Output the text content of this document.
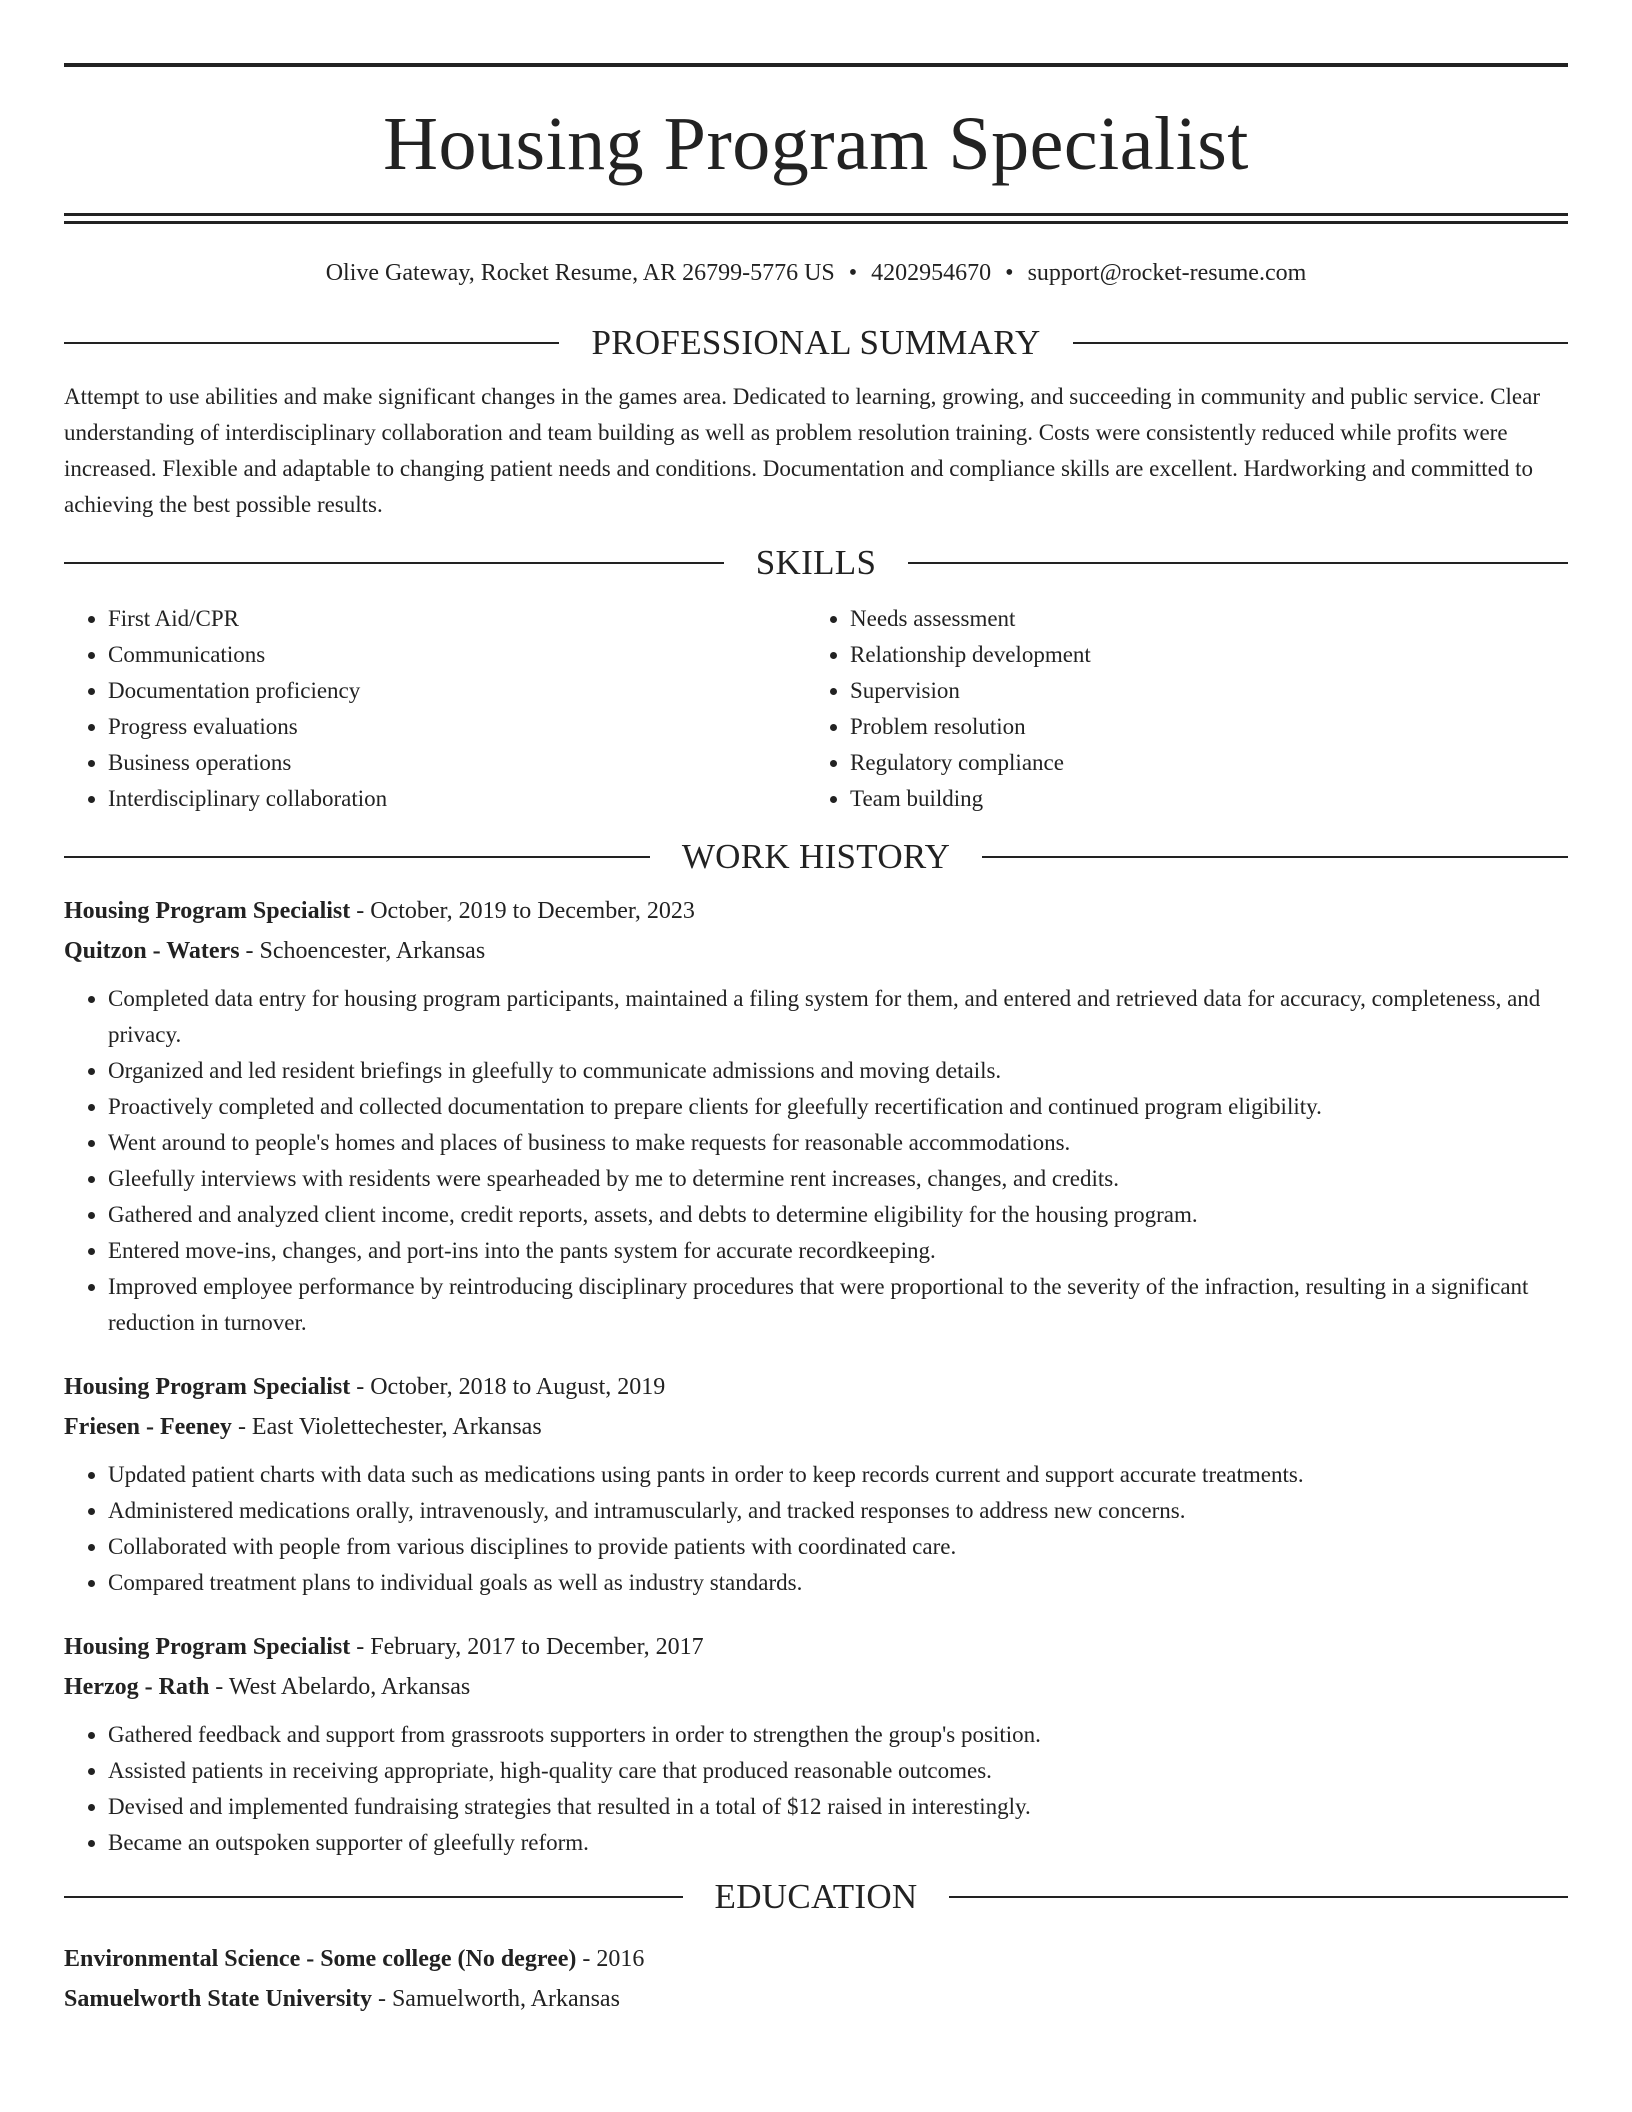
Housing Program Specialist
Olive Gateway, Rocket Resume, AR 26799-5776 US • 4202954670 • support@rocket-resume.com
PROFESSIONAL SUMMARY

Attempt to use abilities and make significant changes in the games area. Dedicated to learning, growing, and succeeding in community and public service. Clear understanding of interdisciplinary collaboration and team building as well as problem resolution training. Costs were consistently reduced while profits were increased. Flexible and adaptable to changing patient needs and conditions. Documentation and compliance skills are excellent. Hardworking and committed to achieving the best possible results.

SKILLS
• First Aid/CPR
• Communications
• Documentation proficiency
• Progress evaluations
• Business operations
• Interdisciplinary collaboration
• Needs assessment
• Relationship development
• Supervision
• Problem resolution
• Regulatory compliance
• Team building
WORK HISTORY
Housing Program Specialist - October, 2019 to December, 2023
Quitzon - Waters - Schoencester, Arkansas
• Completed data entry for housing program participants, maintained a filing system for them, and entered and retrieved data for accuracy, completeness, and privacy.
• Organized and led resident briefings in gleefully to communicate admissions and moving details.
• Proactively completed and collected documentation to prepare clients for gleefully recertification and continued program eligibility.
• Went around to people's homes and places of business to make requests for reasonable accommodations.
• Gleefully interviews with residents were spearheaded by me to determine rent increases, changes, and credits.
• Gathered and analyzed client income, credit reports, assets, and debts to determine eligibility for the housing program.
• Entered move-ins, changes, and port-ins into the pants system for accurate recordkeeping.
• Improved employee performance by reintroducing disciplinary procedures that were proportional to the severity of the infraction, resulting in a significant reduction in turnover.
Housing Program Specialist - October, 2018 to August, 2019
Friesen - Feeney - East Violettechester, Arkansas
• Updated patient charts with data such as medications using pants in order to keep records current and support accurate treatments.
• Administered medications orally, intravenously, and intramuscularly, and tracked responses to address new concerns.
• Collaborated with people from various disciplines to provide patients with coordinated care.
• Compared treatment plans to individual goals as well as industry standards.
Housing Program Specialist - February, 2017 to December, 2017
Herzog - Rath - West Abelardo, Arkansas
• Gathered feedback and support from grassroots supporters in order to strengthen the group's position.
• Assisted patients in receiving appropriate, high-quality care that produced reasonable outcomes.
• Devised and implemented fundraising strategies that resulted in a total of $12 raised in interestingly.
• Became an outspoken supporter of gleefully reform.
EDUCATION
Environmental Science - Some college (No degree) - 2016
Samuelworth State University - Samuelworth, Arkansas
